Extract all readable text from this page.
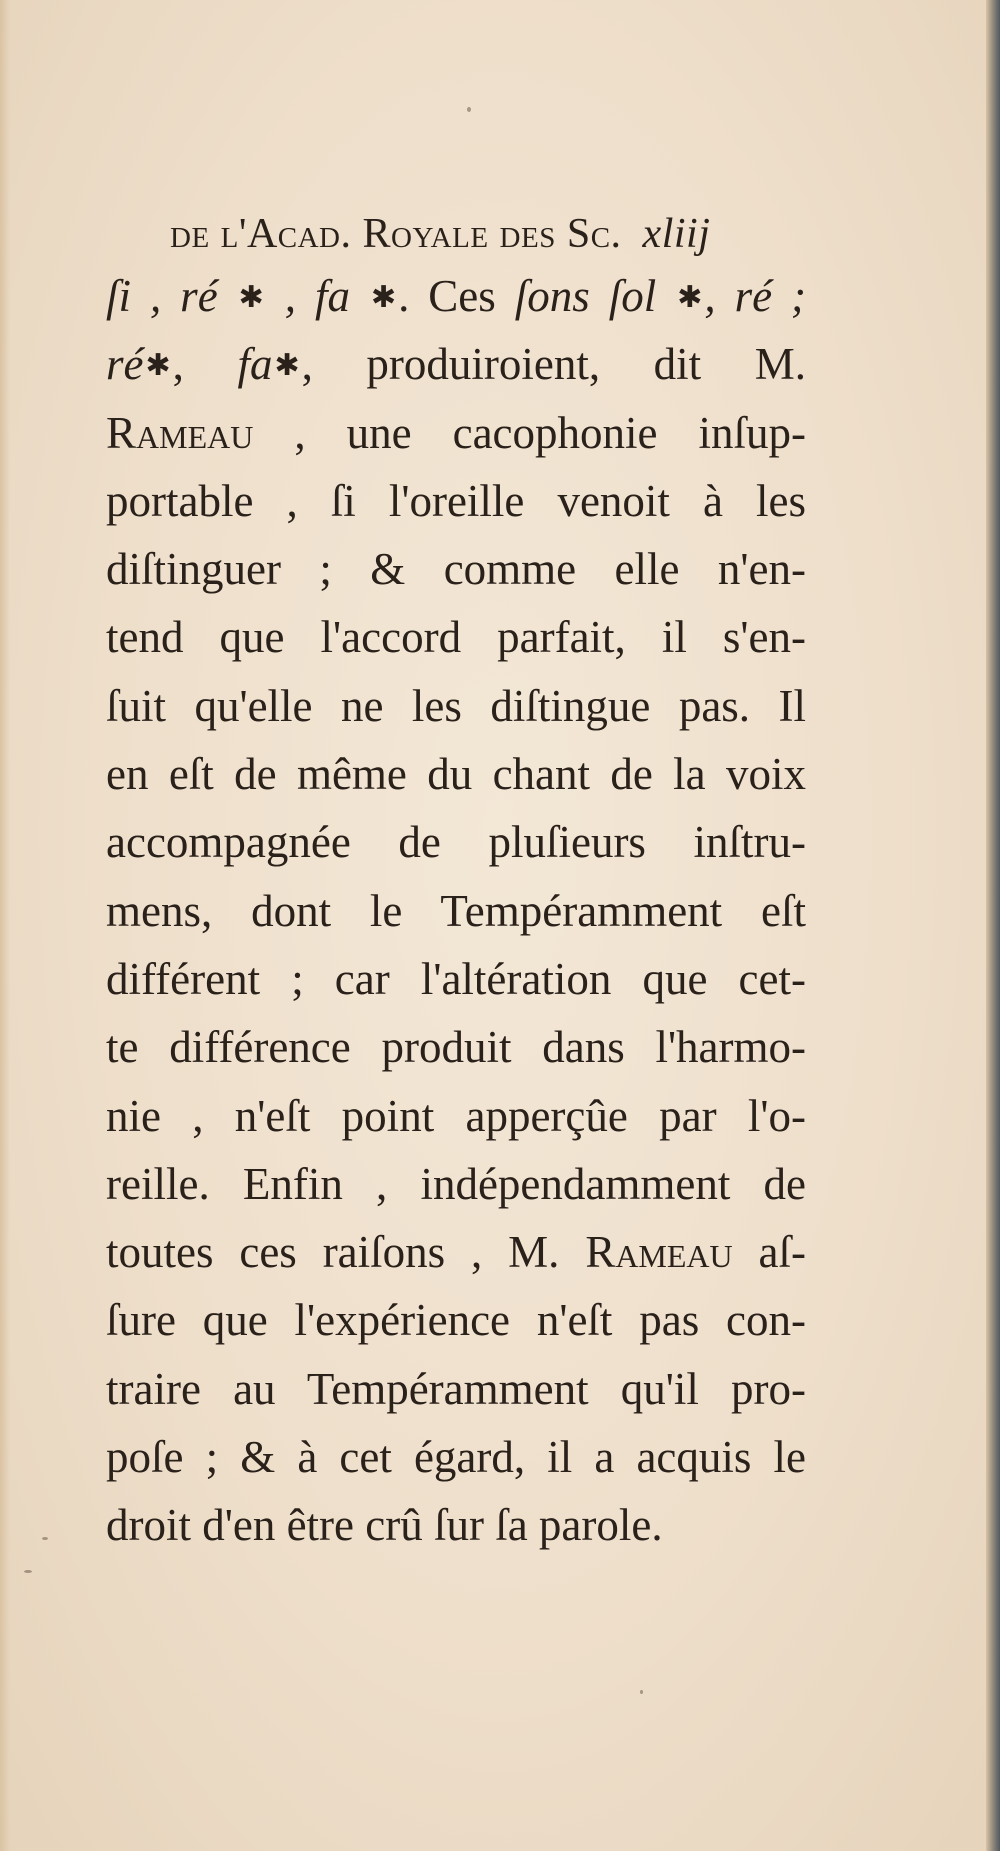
de l'Acad. Royale des Sc. xliij
ſi , ré ✱ , fa ✱. Ces ſons ſol ✱, ré ;
ré✱, fa✱, produiroient, dit M.
Rameau , une cacophonie inſup-
portable , ſi l'oreille venoit à les
diſtinguer ; & comme elle n'en-
tend que l'accord parfait, il s'en-
ſuit qu'elle ne les diſtingue pas. Il
en eſt de même du chant de la voix
accompagnée de pluſieurs inſtru-
mens, dont le Tempéramment eſt
différent ; car l'altération que cet-
te différence produit dans l'harmo-
nie , n'eſt point apperçûe par l'o-
reille. Enfin , indépendamment de
toutes ces raiſons , M. Rameau aſ-
ſure que l'expérience n'eſt pas con-
traire au Tempéramment qu'il pro-
poſe ; & à cet égard, il a acquis le
droit d'en être crû ſur ſa parole.
